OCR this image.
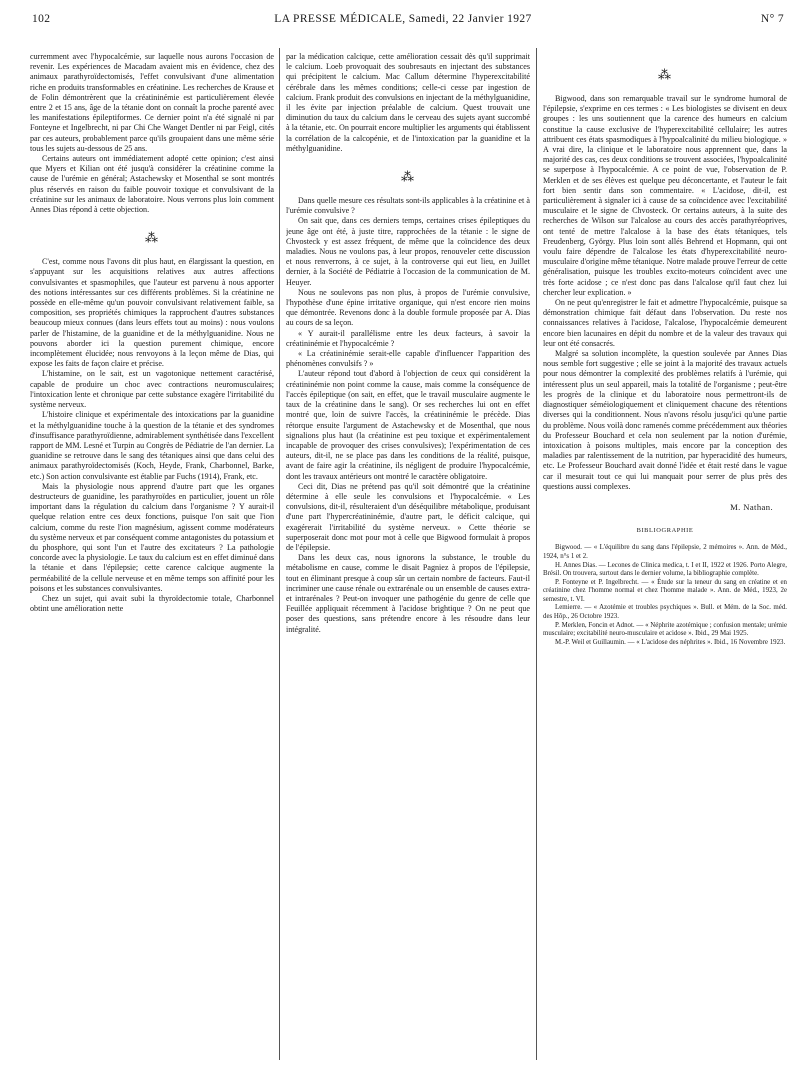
102	LA PRESSE MÉDICALE, Samedi, 22 Janvier 1927	N° 7

curremment avec l'hypocalcémie, sur laquelle nous aurons l'occasion de revenir. Les expériences de Macadam avaient mis en évidence, chez des animaux parathyroïdectomisés, l'effet convulsivant d'une alimentation riche en produits transformables en créatinine. Les recherches de Krause et de Folin démontrèrent que la créatininémie est particulièrement élevée entre 2 et 15 ans, âge de la tétanie dont on connaît la proche parenté avec les manifestations épileptiformes. Ce dernier point n'a été signalé ni par Fonteyne et Ingelbrecht, ni par Chi Che Wanget Dentler ni par Feigl, cités par ces auteurs, probablement parce qu'ils groupaient dans une même série tous les sujets au-dessous de 25 ans.

Certains auteurs ont immédiatement adopté cette opinion; c'est ainsi que Myers et Kilian ont été jusqu'à considérer la créatinine comme la cause de l'urémie en général; Astachewsky et Mosenthal se sont montrés plus réservés en raison du faible pouvoir toxique et convulsivant de la créatinine sur les animaux de laboratoire. Nous verrons plus loin comment Annes Dias répond à cette objection.

⁂

C'est, comme nous l'avons dit plus haut, en élargissant la question, en s'appuyant sur les acquisitions relatives aux autres affections convulsivantes et spasmophiles, que l'auteur est parvenu à nous apporter des notions intéressantes sur ces différents problèmes. Si la créatinine ne possède en elle-même qu'un pouvoir convulsivant relativement faible, sa composition, ses propriétés chimiques la rapprochent d'autres substances beaucoup mieux connues (dans leurs effets tout au moins) : nous voulons parler de l'histamine, de la guanidine et de la méthylguanidine. Nous ne pouvons aborder ici la question purement chimique, encore incomplètement élucidée; nous renvoyons à la leçon même de Dias, qui expose les faits de façon claire et précise.

L'histamine, on le sait, est un vagotonique nettement caractérisé, capable de produire un choc avec contractions neuromusculaires; l'intoxication lente et chronique par cette substance exagère l'irritabilité du système nerveux.

L'histoire clinique et expérimentale des intoxications par la guanidine et la méthylguanidine touche à la question de la tétanie et des syndromes d'insuffisance parathyroïdienne, admirablement synthétisée dans l'excellent rapport de MM. Lesné et Turpin au Congrès de Pédiatrie de l'an dernier. La guanidine se retrouve dans le sang des tétaniques ainsi que dans celui des animaux parathyroïdectomisés (Koch, Heyde, Frank, Charbonnel, Barke, etc.) Son action convulsivante est établie par Fuchs (1914), Frank, etc.

Mais la physiologie nous apprend d'autre part que les organes destructeurs de guanidine, les parathyroïdes en particulier, jouent un rôle important dans la régulation du calcium dans l'organisme ? Y aurait-il quelque relation entre ces deux fonctions, puisque l'on sait que l'ion calcium, comme du reste l'ion magnésium, agissent comme modérateurs du système nerveux et par conséquent comme antagonistes du potassium et du phosphore, qui sont l'un et l'autre des excitateurs ? La pathologie concorde avec la physiologie. Le taux du calcium est en effet diminué dans la tétanie et dans l'épilepsie; cette carence calcique augmente la perméabilité de la cellule nerveuse et en même temps son affinité pour les poisons et les substances convulsivantes.

Chez un sujet, qui avait subi la thyroïdectomie totale, Charbonnel obtint une amélioration nette

par la médication calcique, cette amélioration cessait dès qu'il supprimait le calcium. Loeb provoquait des soubresauts en injectant des substances qui précipitent le calcium. Mac Callum détermine l'hyperexcitabilité cérébrale dans les mêmes conditions; celle-ci cesse par ingestion de calcium. Frank produit des convulsions en injectant de la méthylguanidine, il les évite par injection préalable de calcium. Quest trouvait une diminution du taux du calcium dans le cerveau des sujets ayant succombé à la tétanie, etc. On pourrait encore multiplier les arguments qui établissent la corrélation de la calcopénie, et de l'intoxication par la guanidine et la méthylguanidine.

⁂

Dans quelle mesure ces résultats sont-ils applicables à la créatinine et à l'urémie convulsive ?

On sait que, dans ces derniers temps, certaines crises épileptiques du jeune âge ont été, à juste titre, rapprochées de la tétanie : le signe de Chvosteck y est assez fréquent, de même que la coïncidence des deux maladies. Nous ne voulons pas, à leur propos, renouveler cette discussion et nous renverrons, à ce sujet, à la controverse qui eut lieu, en Juillet dernier, à la Société de Pédiatrie à l'occasion de la communication de M. Heuyer.

Nous ne soulevons pas non plus, à propos de l'urémie convulsive, l'hypothèse d'une épine irritative organique, qui n'est encore rien moins que démontrée. Revenons donc à la double formule proposée par A. Dias au cours de sa leçon.

« Y aurait-il parallélisme entre les deux facteurs, à savoir la créatininémie et l'hypocalcémie ?

« La créatininémie serait-elle capable d'influencer l'apparition des phénomènes convulsifs ? »

L'auteur répond tout d'abord à l'objection de ceux qui considèrent la créatininémie non point comme la cause, mais comme la conséquence de l'accès épileptique (on sait, en effet, que le travail musculaire augmente le taux de la créatinine dans le sang). Or ses recherches lui ont en effet montré que, loin de suivre l'accès, la créatininémie le précède. Dias rétorque ensuite l'argument de Astachewsky et de Mosenthal, que nous signalions plus haut (la créatinine est peu toxique et expérimentalement incapable de provoquer des crises convulsives); l'expérimentation de ces auteurs, dit-il, ne se place pas dans les conditions de la réalité, puisque, avant de faire agir la créatinine, ils négligent de produire l'hypocalcémie, dont les travaux antérieurs ont montré le caractère obligatoire.

Ceci dit, Dias ne prétend pas qu'il soit démontré que la créatinine détermine à elle seule les convulsions et l'hypocalcémie. « Les convulsions, dit-il, résulteraient d'un déséquilibre métabolique, produisant d'une part l'hypercréatininémie, d'autre part, le déficit calcique, qui exagérerait l'irritabilité du système nerveux. » Cette théorie se superposerait donc mot pour mot à celle que Bigwood formulait à propos de l'épilepsie.

Dans les deux cas, nous ignorons la substance, le trouble du métabolisme en cause, comme le disait Pagniez à propos de l'épilepsie, tout en éliminant presque à coup sûr un certain nombre de facteurs. Faut-il incriminer une cause rénale ou extrarénale ou un ensemble de causes extra- et intrarénales ? Peut-on invoquer une pathogénie du genre de celle que Feuillée appliquait récemment à l'acidose brightique ? On ne peut que poser des questions, sans prétendre encore à les résoudre dans leur intégralité.

⁂

Bigwood, dans son remarquable travail sur le syndrome humoral de l'épilepsie, s'exprime en ces termes : « Les biologistes se divisent en deux groupes : les uns soutiennent que la carence des humeurs en calcium constitue la cause exclusive de l'hyperexcitabilité cellulaire; les autres attribuent ces états spasmodiques à l'hypoalcalinité du milieu biologique. » A vrai dire, la clinique et le laboratoire nous apprennent que, dans la majorité des cas, ces deux conditions se trouvent associées, l'hypoalcalinité se superpose à l'hypocalcémie. A ce point de vue, l'observation de P. Merklen et de ses élèves est quelque peu déconcertante, et l'auteur le fait fort bien sentir dans son commentaire. « L'acidose, dit-il, est particulièrement à signaler ici à cause de sa coïncidence avec l'excitabilité musculaire et le signe de Chvosteck. Or certains auteurs, à la suite des recherches de Wilson sur l'alcalose au cours des accès parathyréoprives, ont tenté de mettre l'alcalose à la base des états tétaniques, tels Freudenberg, György. Plus loin sont allés Behrend et Hopmann, qui ont voulu faire dépendre de l'alcalose les états d'hyperexcitabilité neuro-musculaire d'origine même tétanique. Notre malade prouve l'erreur de cette généralisation, puisque les troubles excito-moteurs coïncident avec une très forte acidose ; ce n'est donc pas dans l'alcalose qu'il faut chez lui chercher leur explication. »

On ne peut qu'enregistrer le fait et admettre l'hypocalcémie, puisque sa démonstration chimique fait défaut dans l'observation. Du reste nos connaissances relatives à l'acidose, l'alcalose, l'hypocalcémie demeurent encore bien lacunaires en dépit du nombre et de la valeur des travaux qui leur ont été consacrés.

Malgré sa solution incomplète, la question soulevée par Annes Dias nous semble fort suggestive ; elle se joint à la majorité des travaux actuels pour nous démontrer la complexité des problèmes relatifs à l'urémie, qui intéressent plus un seul appareil, mais la totalité de l'organisme ; peut-être les progrès de la clinique et du laboratoire nous permettront-ils de diagnostiquer séméiologiquement et cliniquement chacune des rétentions diverses qui la conditionnent. Nous n'avons résolu jusqu'ici qu'une partie du problème. Nous voilà donc ramenés comme précédemment aux théories du Professeur Bouchard et cela non seulement par la notion d'urémie, intoxication à poisons multiples, mais encore par la conception des maladies par ralentissement de la nutrition, par hyperacidité des humeurs, etc. Le Professeur Bouchard avait donné l'idée et était resté dans le vague car il mesurait tout ce qui lui manquait pour serrer de plus près des questions aussi complexes.

M. Nathan.
BIBLIOGRAPHIE

Bigwood. — « L'équilibre du sang dans l'épilepsie, 2 mémoires ». Ann. de Méd., 1924, n°s 1 et 2.

H. Annes Dias. — Lecones de Clinica medica, t. I et II, 1922 et 1926. Porto Alegre, Brésil. On trouvera, surtout dans le dernier volume, la bibliographie complète.

P. Fonteyne et P. Ingelbrecht. — « Étude sur la teneur du sang en créatine et en créatinine chez l'homme normal et chez l'homme malade ». Ann. de Méd., 1923, 2e semestre, t. VI.

Lemierre. — « Azotémie et troubles psychiques ». Bull. et Mém. de la Soc. méd. des Hôp., 26 Octobre 1923.

P. Merklen, Foncin et Adnot. — « Néphrite azotémique ; confusion mentale; urémie musculaire; excitabilité neuro-musculaire et acidose ». Ibid., 29 Mai 1925.

M.-P. Weil et Guillaumin. — « L'acidose des néphrites ». Ibid., 16 Novembre 1923.
